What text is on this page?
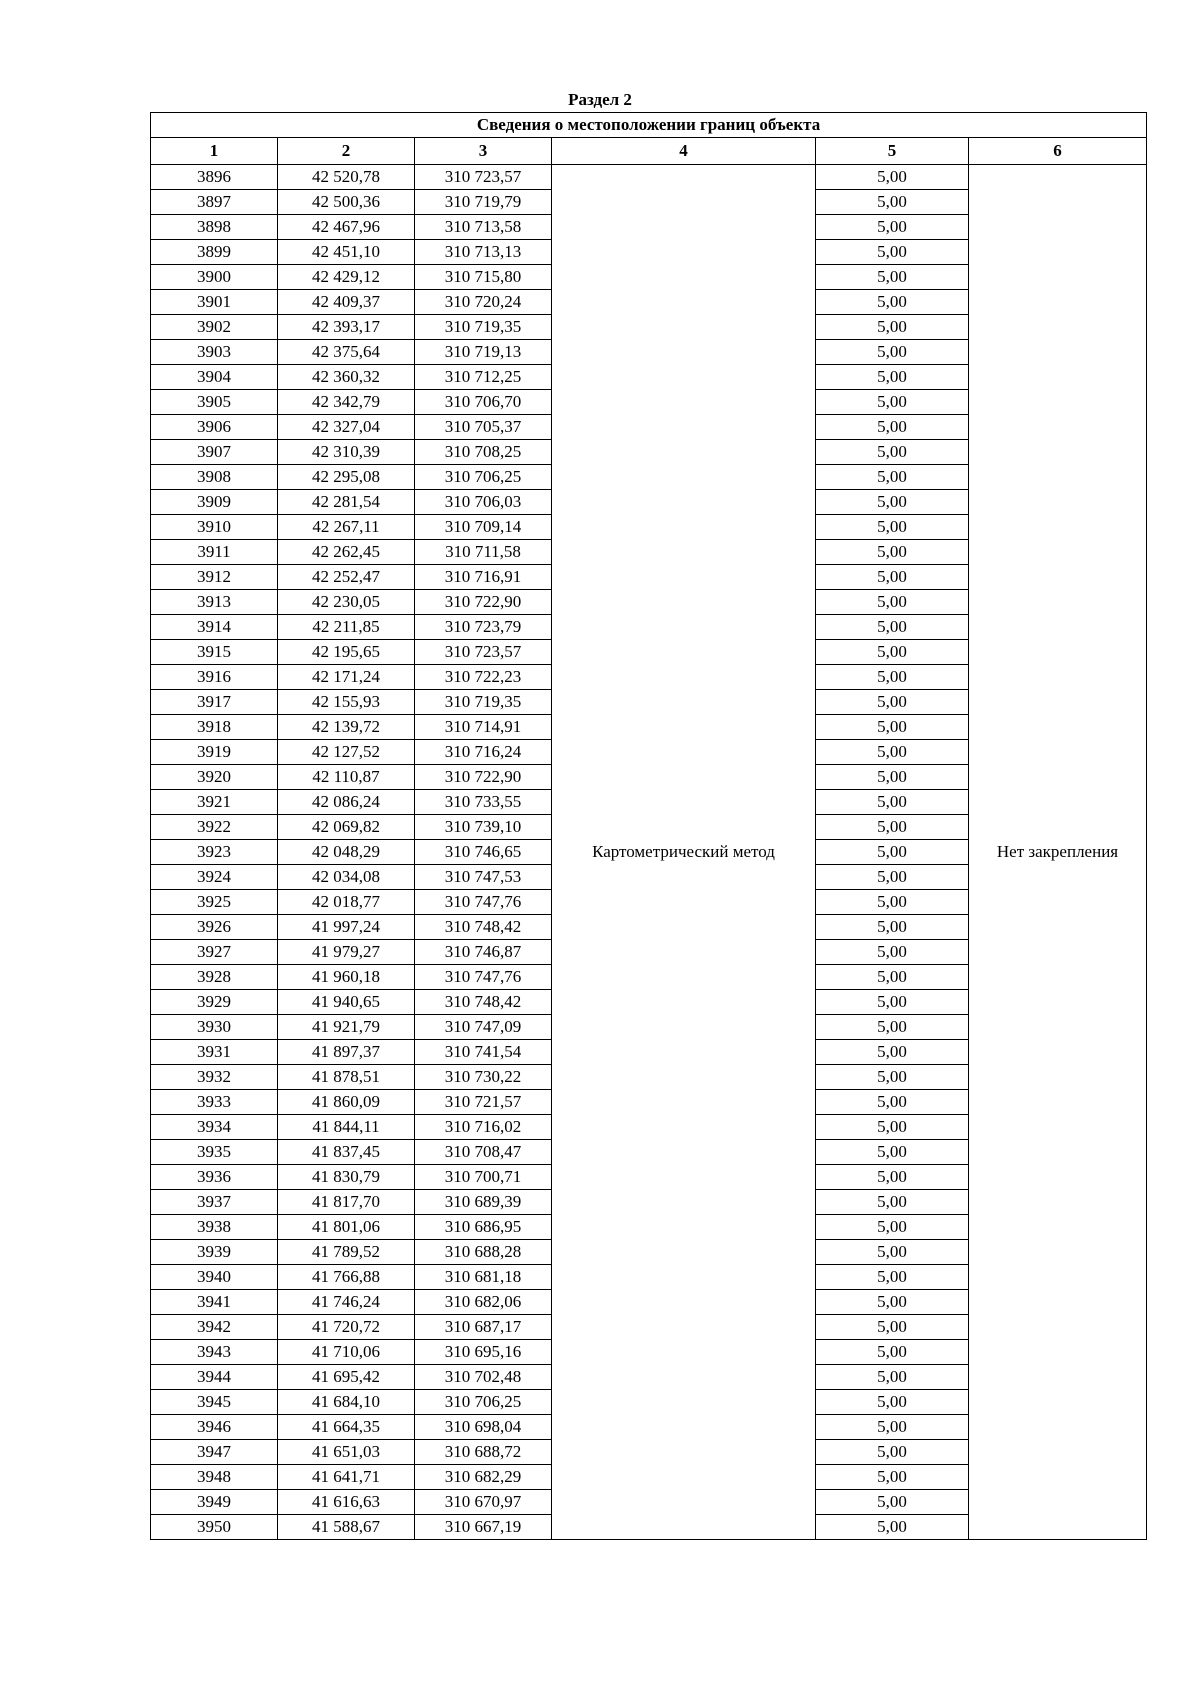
Раздел 2
Сведения о местоположении границ объекта					
1	2	3	4	5	6
3896	42 520,78	310 723,57	Картометрический метод	5,00	Нет закрепления
3897	42 500,36	310 719,79		5,00	
3898	42 467,96	310 713,58		5,00	
3899	42 451,10	310 713,13		5,00	
3900	42 429,12	310 715,80		5,00	
3901	42 409,37	310 720,24		5,00	
3902	42 393,17	310 719,35		5,00	
3903	42 375,64	310 719,13		5,00	
3904	42 360,32	310 712,25		5,00	
3905	42 342,79	310 706,70		5,00	
3906	42 327,04	310 705,37		5,00	
3907	42 310,39	310 708,25		5,00	
3908	42 295,08	310 706,25		5,00	
3909	42 281,54	310 706,03		5,00	
3910	42 267,11	310 709,14		5,00	
3911	42 262,45	310 711,58		5,00	
3912	42 252,47	310 716,91		5,00	
3913	42 230,05	310 722,90		5,00	
3914	42 211,85	310 723,79		5,00	
3915	42 195,65	310 723,57		5,00	
3916	42 171,24	310 722,23		5,00	
3917	42 155,93	310 719,35		5,00	
3918	42 139,72	310 714,91		5,00	
3919	42 127,52	310 716,24		5,00	
3920	42 110,87	310 722,90		5,00	
3921	42 086,24	310 733,55		5,00	
3922	42 069,82	310 739,10		5,00	
3923	42 048,29	310 746,65		5,00	
3924	42 034,08	310 747,53		5,00	
3925	42 018,77	310 747,76		5,00	
3926	41 997,24	310 748,42		5,00	
3927	41 979,27	310 746,87		5,00	
3928	41 960,18	310 747,76		5,00	
3929	41 940,65	310 748,42		5,00	
3930	41 921,79	310 747,09		5,00	
3931	41 897,37	310 741,54		5,00	
3932	41 878,51	310 730,22		5,00	
3933	41 860,09	310 721,57		5,00	
3934	41 844,11	310 716,02		5,00	
3935	41 837,45	310 708,47		5,00	
3936	41 830,79	310 700,71		5,00	
3937	41 817,70	310 689,39		5,00	
3938	41 801,06	310 686,95		5,00	
3939	41 789,52	310 688,28		5,00	
3940	41 766,88	310 681,18		5,00	
3941	41 746,24	310 682,06		5,00	
3942	41 720,72	310 687,17		5,00	
3943	41 710,06	310 695,16		5,00	
3944	41 695,42	310 702,48		5,00	
3945	41 684,10	310 706,25		5,00	
3946	41 664,35	310 698,04		5,00	
3947	41 651,03	310 688,72		5,00	
3948	41 641,71	310 682,29		5,00	
3949	41 616,63	310 670,97		5,00	
3950	41 588,67	310 667,19		5,00	
